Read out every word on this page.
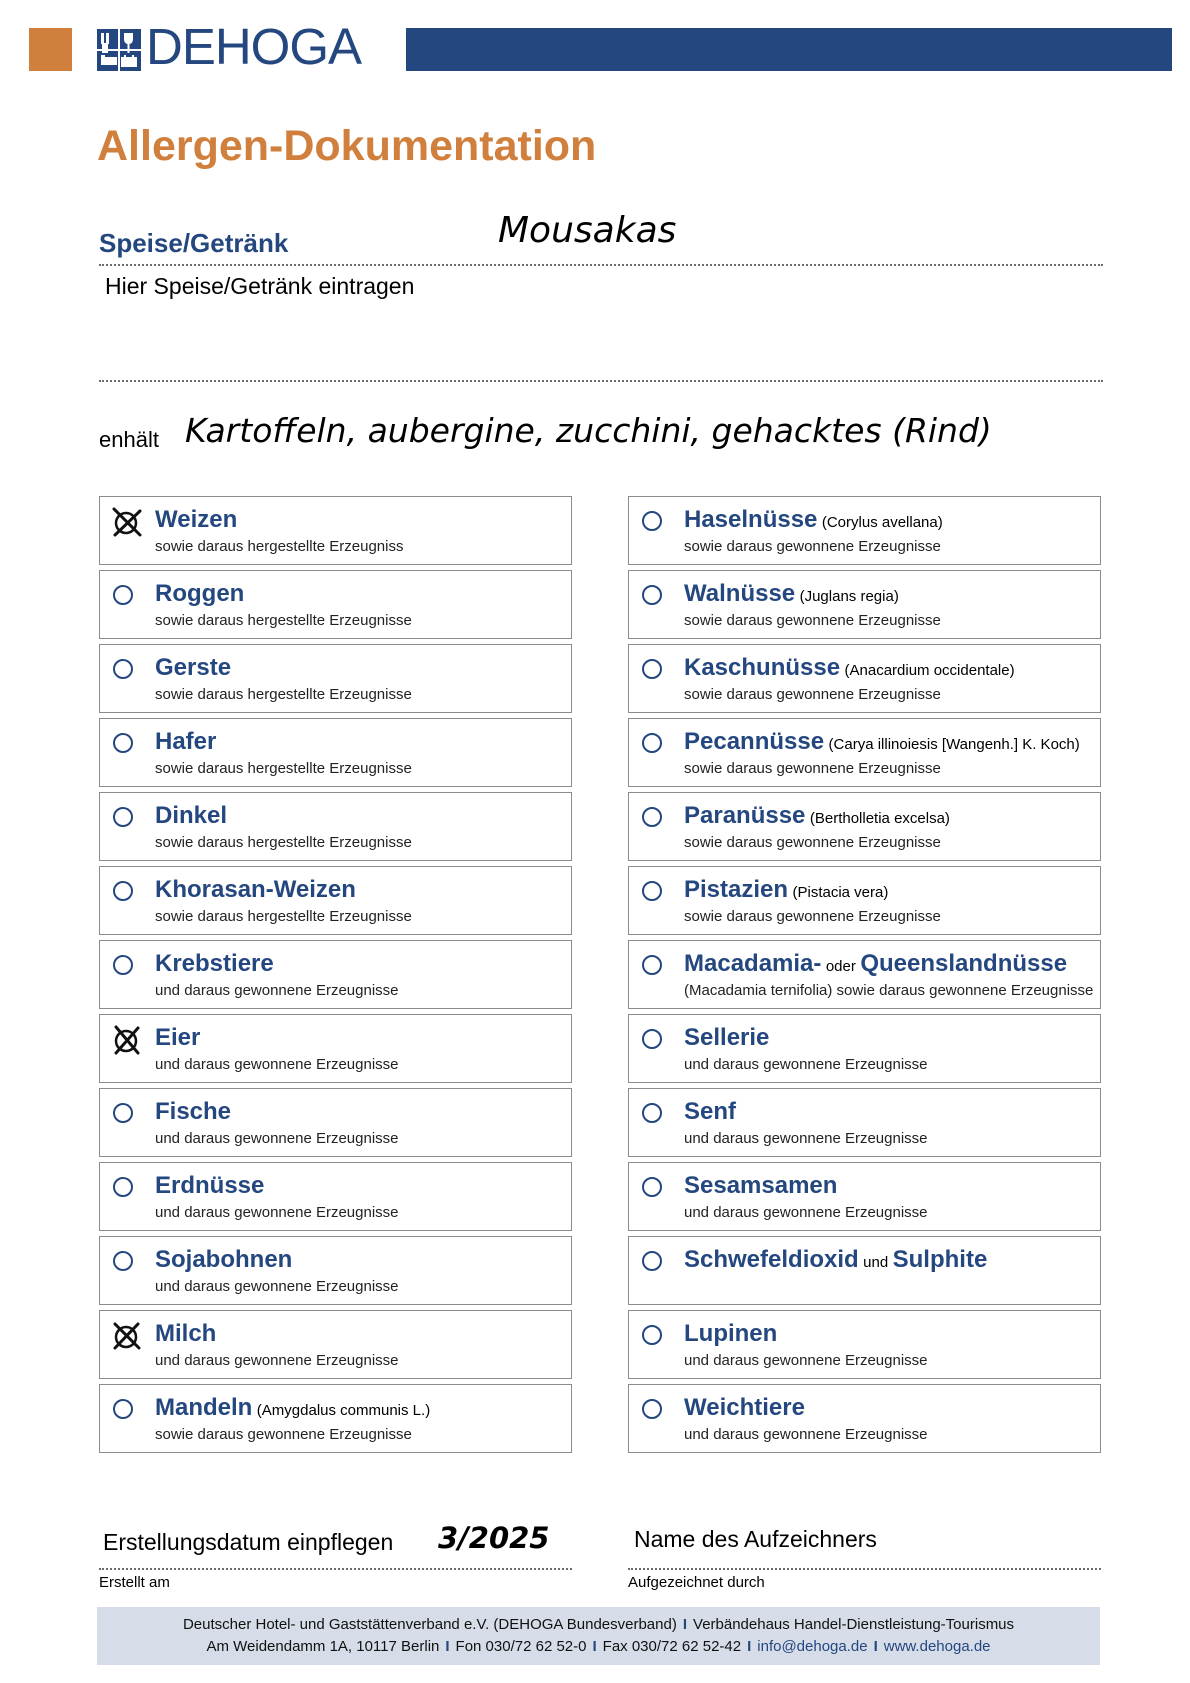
DEHOGA
Allergen-Dokumentation
Speise/Getränk	Mousakas
Hier Speise/Getränk eintragen
enhält Kartoffeln, aubergine, zucchini, gehacktes (Rind)
Weizen
sowie daraus hergestellte Erzeugniss
Roggen
sowie daraus hergestellte Erzeugnisse
Gerste
sowie daraus hergestellte Erzeugnisse
Hafer
sowie daraus hergestellte Erzeugnisse
Dinkel
sowie daraus hergestellte Erzeugnisse
Khorasan-Weizen
sowie daraus hergestellte Erzeugnisse
Krebstiere
und daraus gewonnene Erzeugnisse
Eier
und daraus gewonnene Erzeugnisse
Fische
und daraus gewonnene Erzeugnisse
Erdnüsse
und daraus gewonnene Erzeugnisse
Sojabohnen
und daraus gewonnene Erzeugnisse
Milch
und daraus gewonnene Erzeugnisse
Mandeln (Amygdalus communis L.)
sowie daraus gewonnene Erzeugnisse
Haselnüsse (Corylus avellana)
sowie daraus gewonnene Erzeugnisse
Walnüsse (Juglans regia)
sowie daraus gewonnene Erzeugnisse
Kaschunüsse (Anacardium occidentale)
sowie daraus gewonnene Erzeugnisse
Pecannüsse (Carya illinoiesis [Wangenh.] K. Koch)
sowie daraus gewonnene Erzeugnisse
Paranüsse (Bertholletia excelsa)
sowie daraus gewonnene Erzeugnisse
Pistazien (Pistacia vera)
sowie daraus gewonnene Erzeugnisse
Macadamia- oder Queenslandnüsse
(Macadamia ternifolia) sowie daraus gewonnene Erzeugnisse
Sellerie
und daraus gewonnene Erzeugnisse
Senf
und daraus gewonnene Erzeugnisse
Sesamsamen
und daraus gewonnene Erzeugnisse
Schwefeldioxid und Sulphite
Lupinen
und daraus gewonnene Erzeugnisse
Weichtiere
und daraus gewonnene Erzeugnisse
Erstellungsdatum einpflegen 3/2025
Erstellt am
Name des Aufzeichners
Aufgezeichnet durch
Deutscher Hotel- und Gaststättenverband e.V. (DEHOGA Bundesverband) I Verbändehaus Handel-Dienstleistung-Tourismus
Am Weidendamm 1A, 10117 Berlin I Fon 030/72 62 52-0 I Fax 030/72 62 52-42 I info@dehoga.de I www.dehoga.de
